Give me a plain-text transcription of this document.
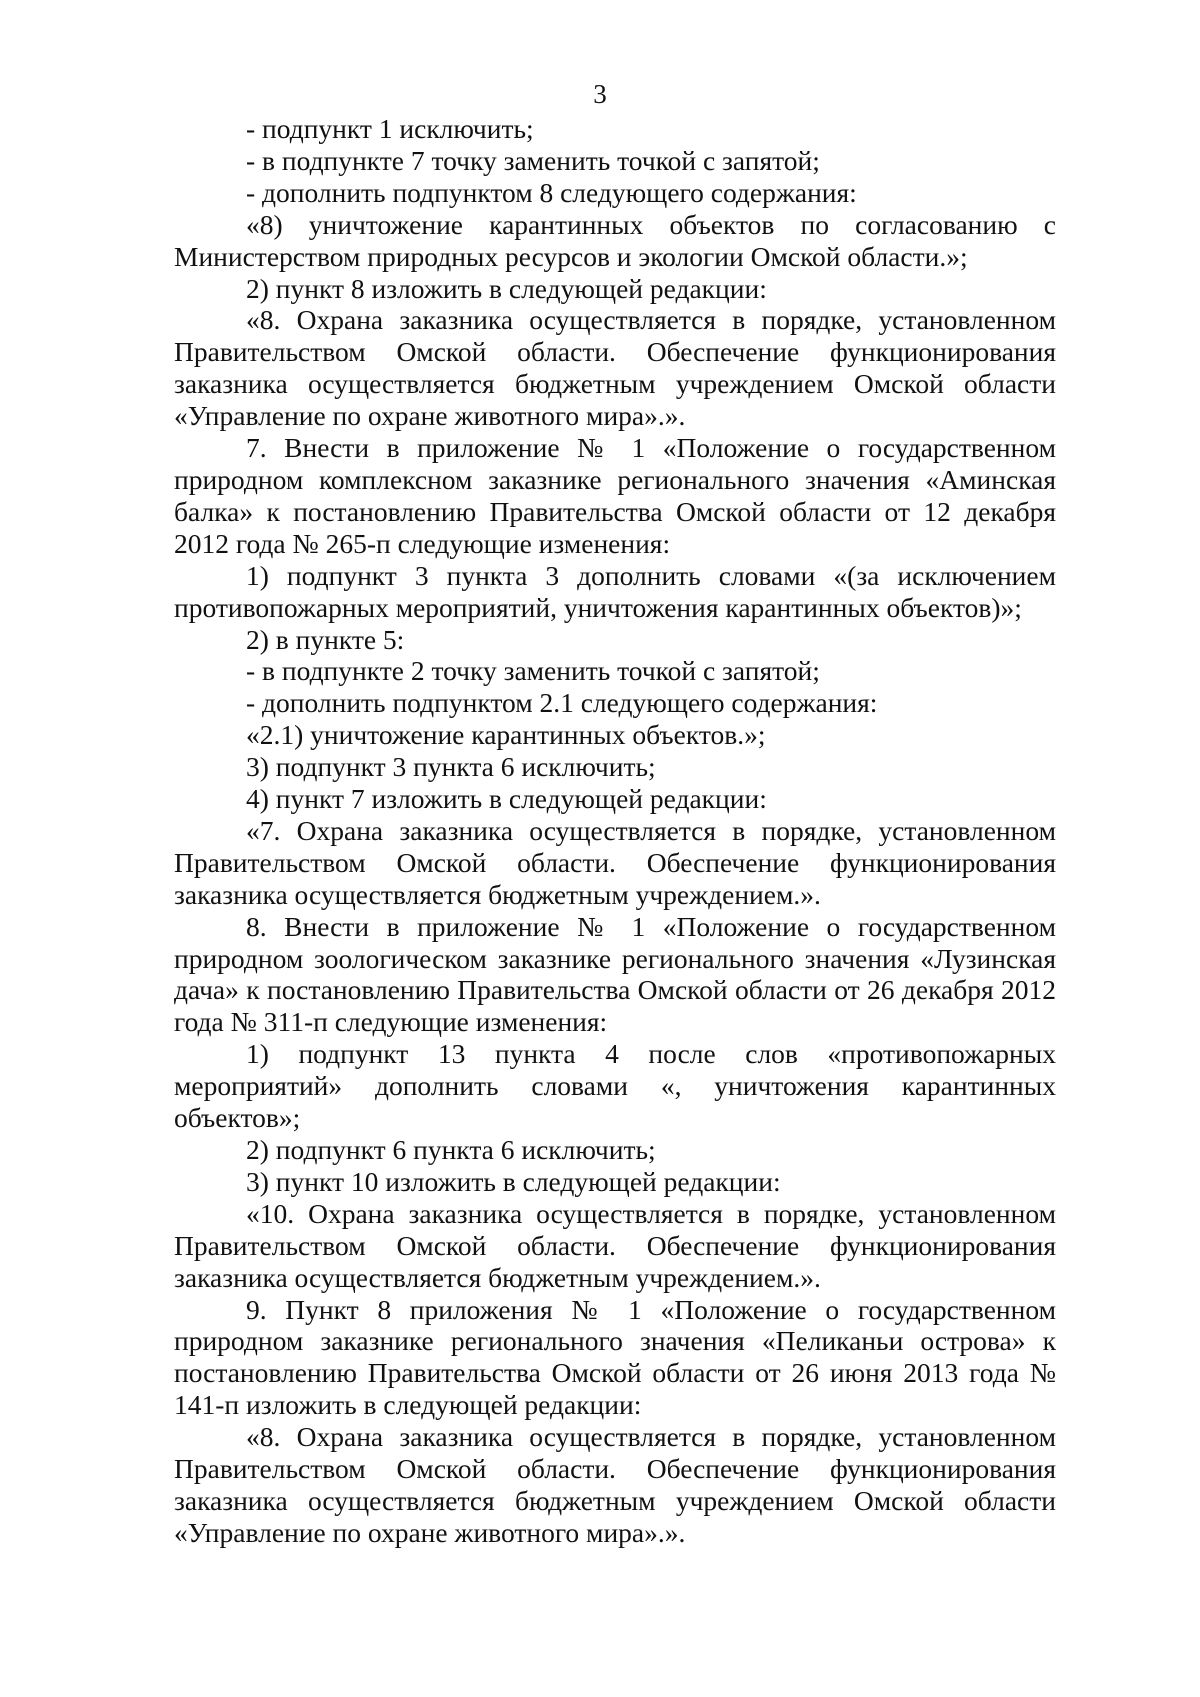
3

- подпункт 1 исключить;

- в подпункте 7 точку заменить точкой с запятой;

- дополнить подпунктом 8 следующего содержания:

«8) уничтожение карантинных объектов по согласованию с Министерством природных ресурсов и экологии Омской области.»;

2) пункт 8 изложить в следующей редакции:

«8. Охрана заказника осуществляется в порядке, установленном Правительством Омской области. Обеспечение функционирования заказника осуществляется бюджетным учреждением Омской области «Управление по охране животного мира».».

7. Внести в приложение № 1 «Положение о государственном природном комплексном заказнике регионального значения «Аминская балка» к постановлению Правительства Омской области от 12 декабря 2012 года № 265-п следующие изменения:

1) подпункт 3 пункта 3 дополнить словами «(за исключением противопожарных мероприятий, уничтожения карантинных объектов)»;

2) в пункте 5:

- в подпункте 2 точку заменить точкой с запятой;

- дополнить подпунктом 2.1 следующего содержания:

«2.1) уничтожение карантинных объектов.»;

3) подпункт 3 пункта 6 исключить;

4) пункт 7 изложить в следующей редакции:

«7. Охрана заказника осуществляется в порядке, установленном Правительством Омской области. Обеспечение функционирования заказника осуществляется бюджетным учреждением.».

8. Внести в приложение № 1 «Положение о государственном природном зоологическом заказнике регионального значения «Лузинская дача» к постановлению Правительства Омской области от 26 декабря 2012 года № 311-п следующие изменения:

1) подпункт 13 пункта 4 после слов «противопожарных мероприятий» дополнить словами «, уничтожения карантинных объектов»;

2) подпункт 6 пункта 6 исключить;

3) пункт 10 изложить в следующей редакции:

«10. Охрана заказника осуществляется в порядке, установленном Правительством Омской области. Обеспечение функционирования заказника осуществляется бюджетным учреждением.».

9. Пункт 8 приложения № 1 «Положение о государственном природном заказнике регионального значения «Пеликаньи острова» к постановлению Правительства Омской области от 26 июня 2013 года № 141-п изложить в следующей редакции:

«8. Охрана заказника осуществляется в порядке, установленном Правительством Омской области. Обеспечение функционирования заказника осуществляется бюджетным учреждением Омской области «Управление по охране животного мира».».
